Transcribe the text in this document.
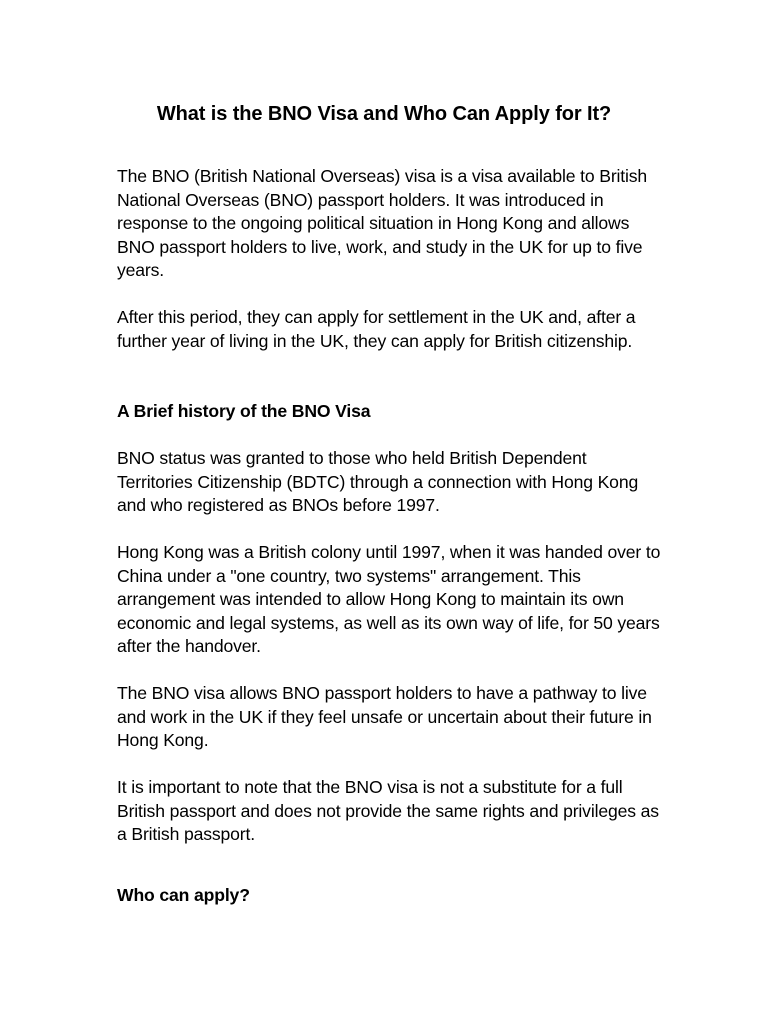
What is the BNO Visa and Who Can Apply for It?

The BNO (British National Overseas) visa is a visa available to British National Overseas (BNO) passport holders. It was introduced in response to the ongoing political situation in Hong Kong and allows BNO passport holders to live, work, and study in the UK for up to five years.

After this period, they can apply for settlement in the UK and, after a further year of living in the UK, they can apply for British citizenship.

A Brief history of the BNO Visa

BNO status was granted to those who held British Dependent Territories Citizenship (BDTC) through a connection with Hong Kong and who registered as BNOs before 1997.

Hong Kong was a British colony until 1997, when it was handed over to China under a "one country, two systems" arrangement. This arrangement was intended to allow Hong Kong to maintain its own economic and legal systems, as well as its own way of life, for 50 years after the handover.

The BNO visa allows BNO passport holders to have a pathway to live and work in the UK if they feel unsafe or uncertain about their future in Hong Kong.

It is important to note that the BNO visa is not a substitute for a full British passport and does not provide the same rights and privileges as a British passport.

Who can apply?
